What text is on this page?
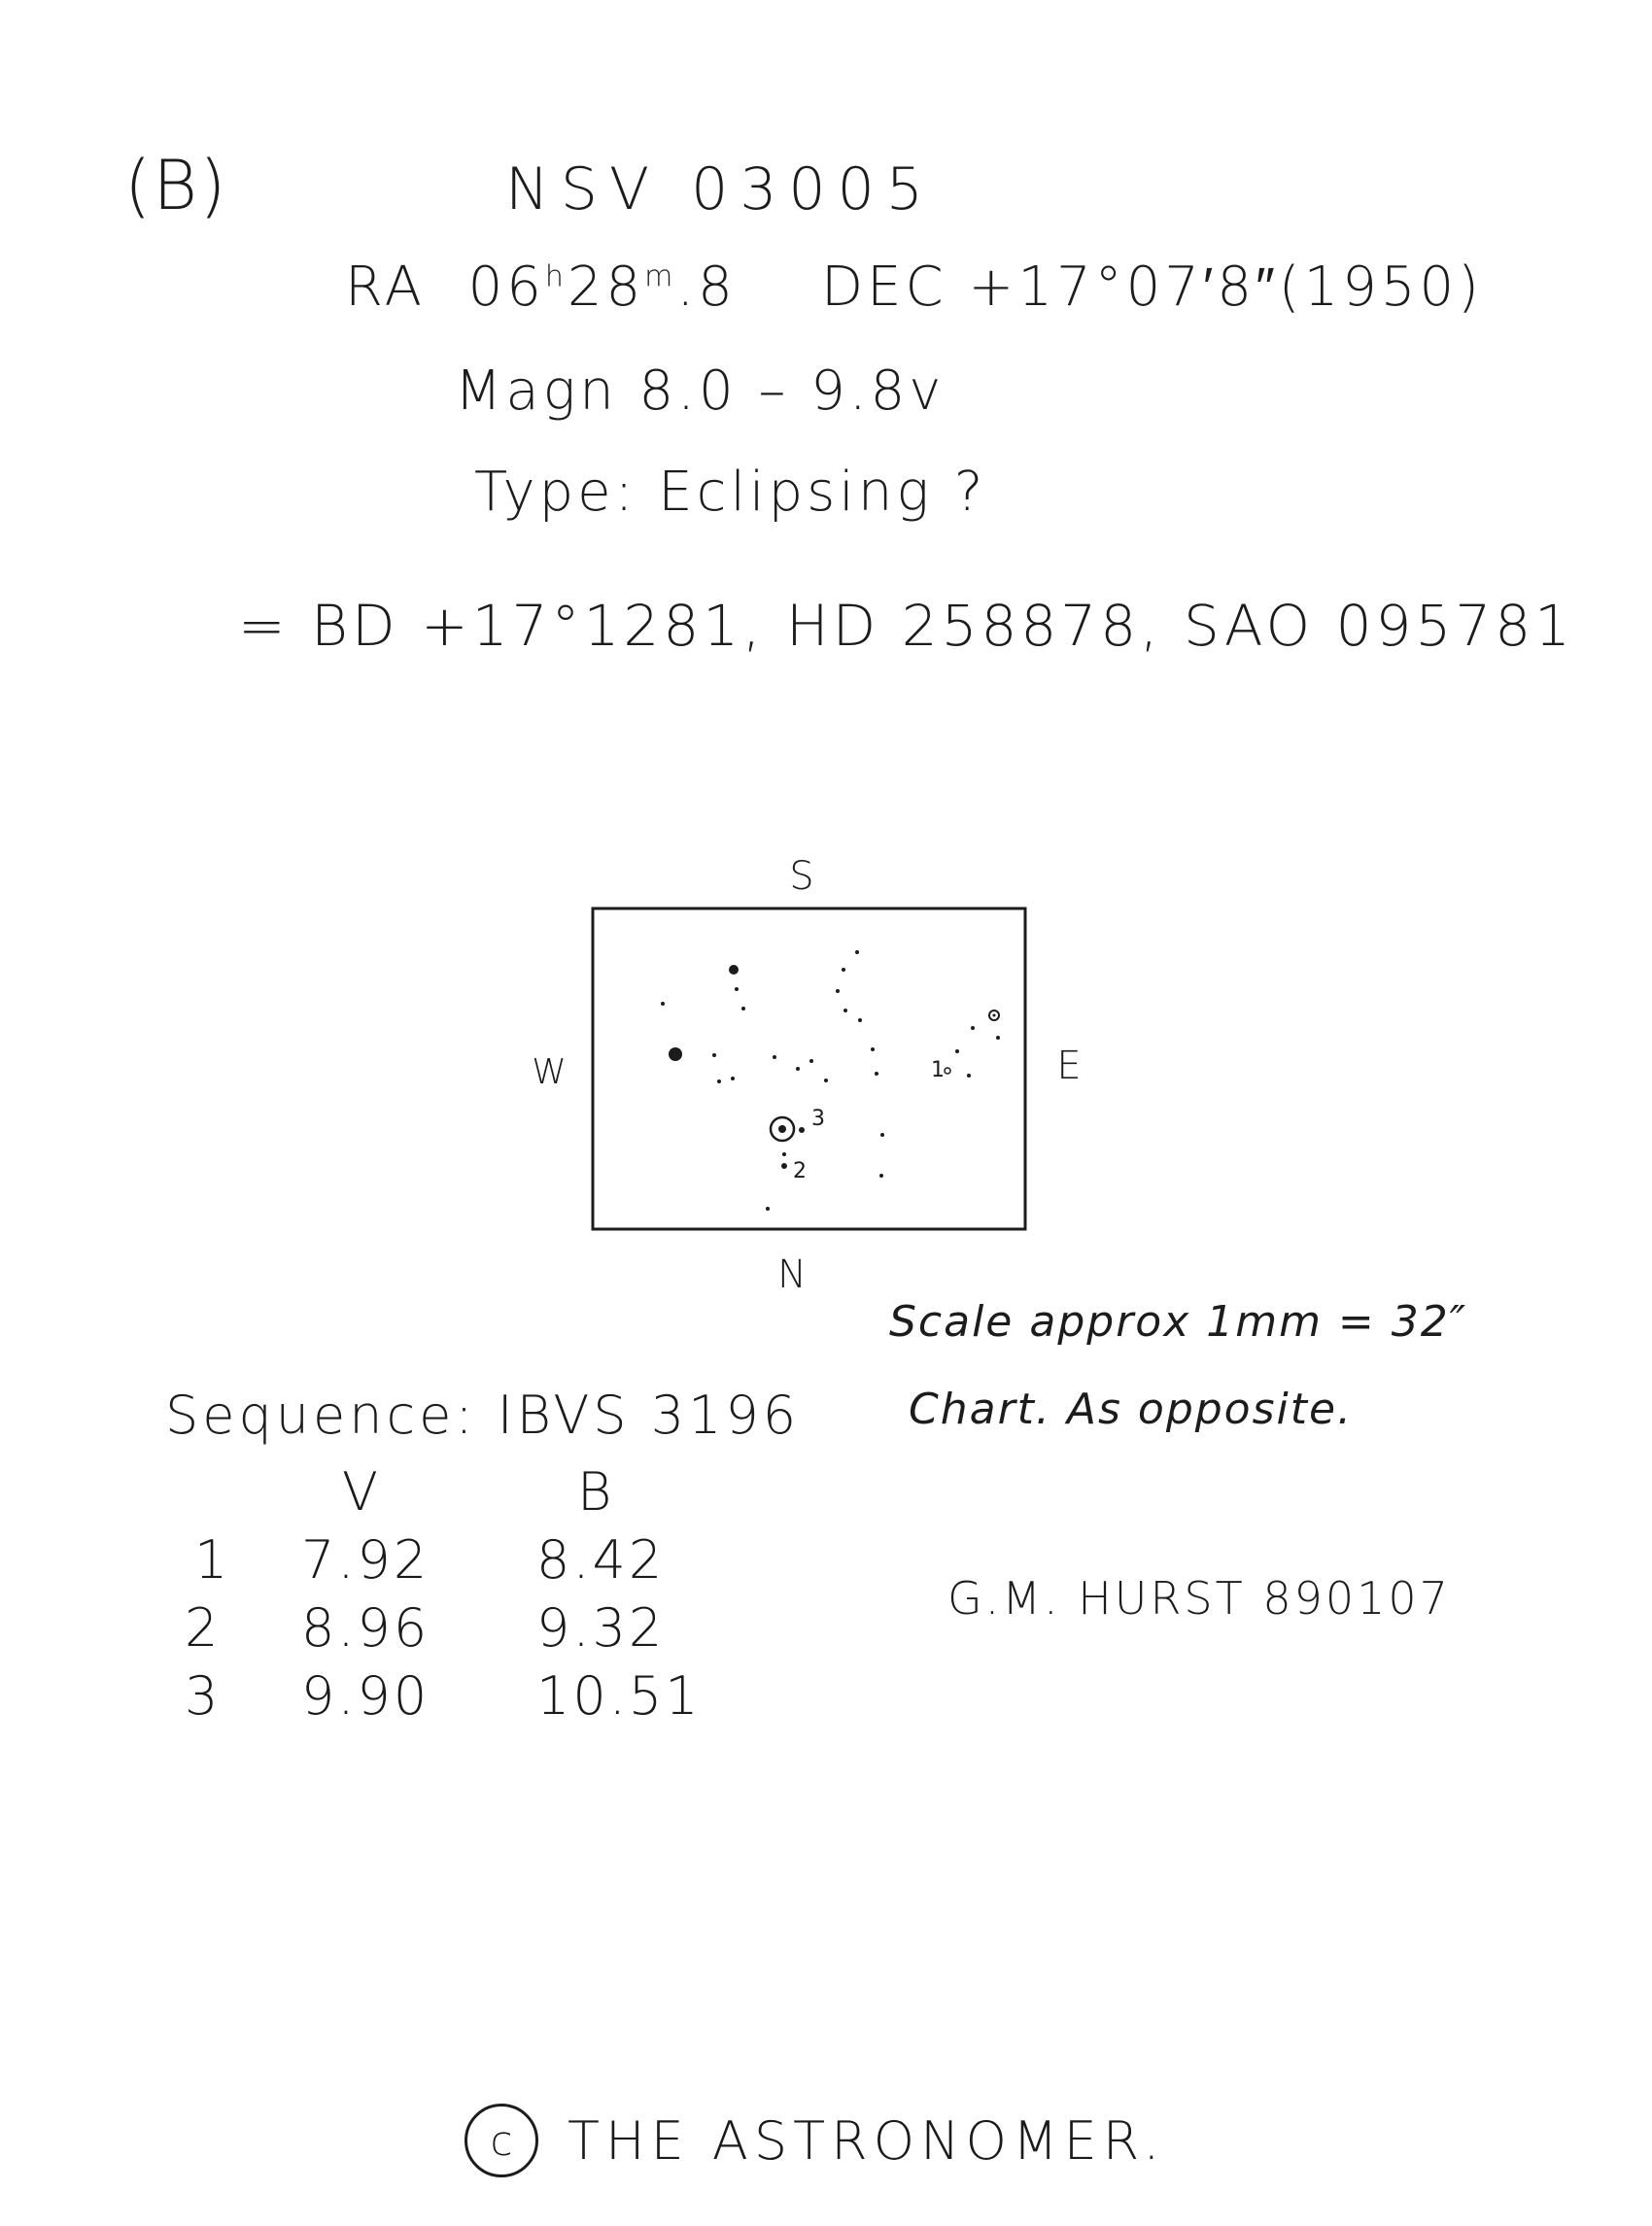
(B)	NSV 03005
RA 06$^h$28$^m$.8 DEC +17°07′8″(1950)
Magn 8.0 – 9.8v
Type: Eclipsing ?
= BD +17°1281, HD 258878, SAO 095781
S
N
W	E
1
3
2
Scale approx 1mm = 32″
Chart. As opposite.
Sequence: IBVS 3196
	V	B
1	7.92	8.42
2	8.96	9.32
3	9.90	10.51
G.M. HURST 890107
c	THE ASTRONOMER.
